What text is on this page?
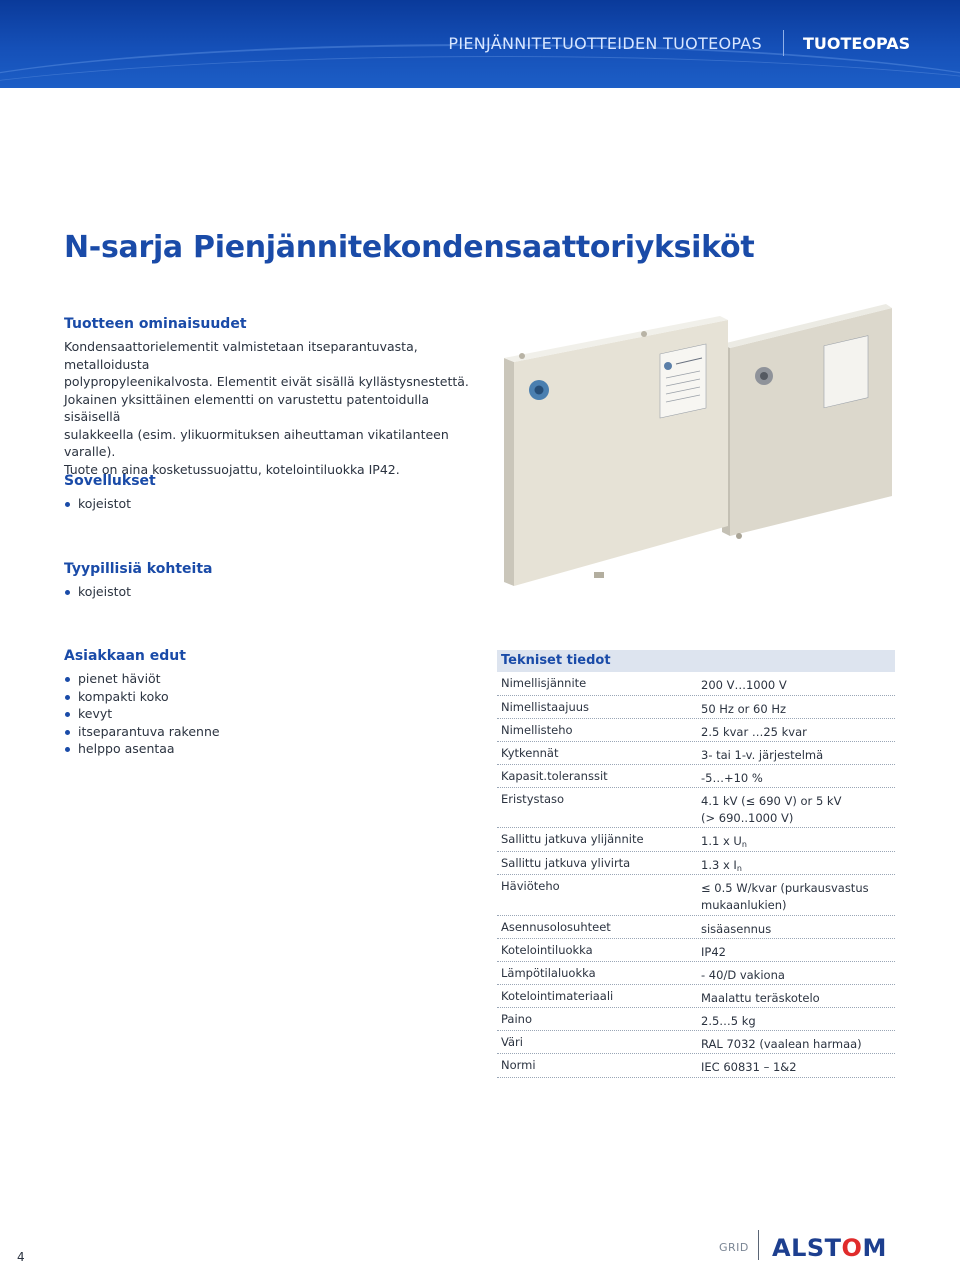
PIENJÄNNITETUOTTEIDEN TUOTEOPAS	TUOTEOPAS
N-sarja Pienjännitekondensaattoriyksiköt
Tuotteen ominaisuudet
Kondensaattorielementit valmistetaan itseparantuvasta, metalloidusta
polypropyleenikalvosta. Elementit eivät sisällä kyllästysnestettä.
Jokainen yksittäinen elementti on varustettu patentoidulla sisäisellä
sulakkeella (esim. ylikuormituksen aiheuttaman vikatilanteen varalle).
Tuote on aina kosketussuojattu, kotelointiluokka IP42.
Sovellukset
kojeistot
Tyypillisiä kohteita
kojeistot
Asiakkaan edut
pienet häviöt
kompakti koko
kevyt
itseparantuva rakenne
helppo asentaa
Tekniset tiedot
Nimellisjännite	200 V…1000 V
Nimellistaajuus	50 Hz or 60 Hz
Nimellisteho	2.5 kvar …25 kvar
Kytkennät	3- tai 1-v. järjestelmä
Kapasit.toleranssit	-5…+10 %
Eristystaso	4.1 kV (≤ 690 V) or 5 kV
(> 690..1000 V)
Sallittu jatkuva ylijännite	1.1 x $U_n$
Sallittu jatkuva ylivirta	1.3 x $I_n$
Häviöteho	≤ 0.5 W/kvar (purkausvastus
mukaanlukien)
Asennusolosuhteet	sisäasennus
Kotelointiluokka	IP42
Lämpötilaluokka	- 40/D vakiona
Kotelointimateriaali	Maalattu teräskotelo
Paino	2.5…5 kg
Väri	RAL 7032 (vaalean harmaa)
Normi	IEC 60831 – 1&2
4
GRID ALSTOM
